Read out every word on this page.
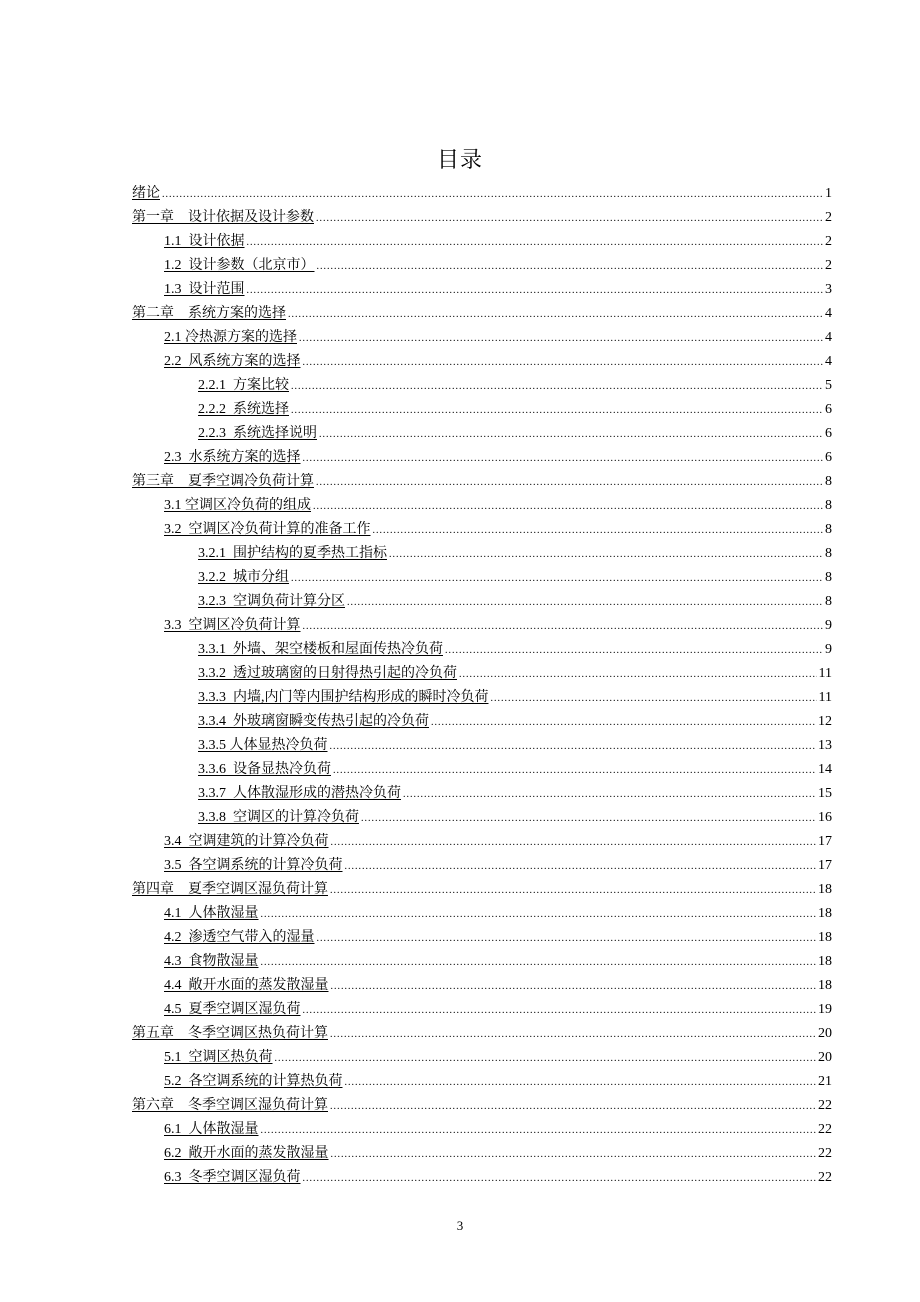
目录
绪论 .....	1
第一章　设计依据及设计参数 .....	2
1.1  设计依据 .....	2
1.2  设计参数（北京市） .....	2
1.3  设计范围 .....	3
第二章　系统方案的选择 .....	4
2.1 冷热源方案的选择 .....	4
2.2  风系统方案的选择 .....	4
2.2.1  方案比较 .....	5
2.2.2  系统选择 .....	6
2.2.3  系统选择说明 .....	6
2.3  水系统方案的选择 .....	6
第三章　夏季空调冷负荷计算 .....	8
3.1 空调区冷负荷的组成 .....	8
3.2  空调区冷负荷计算的准备工作 .....	8
3.2.1  围护结构的夏季热工指标 .....	8
3.2.2  城市分组 .....	8
3.2.3  空调负荷计算分区 .....	8
3.3  空调区冷负荷计算 .....	9
3.3.1  外墙、架空楼板和屋面传热冷负荷 .....	9
3.3.2  透过玻璃窗的日射得热引起的冷负荷 .....	11
3.3.3  内墙,内门等内围护结构形成的瞬时冷负荷 .....	11
3.3.4  外玻璃窗瞬变传热引起的冷负荷 .....	12
3.3.5 人体显热冷负荷 .....	13
3.3.6  设备显热冷负荷 .....	14
3.3.7  人体散湿形成的潜热冷负荷 .....	15
3.3.8  空调区的计算冷负荷 .....	16
3.4  空调建筑的计算冷负荷 .....	17
3.5  各空调系统的计算冷负荷 .....	17
第四章　夏季空调区湿负荷计算 .....	18
4.1  人体散湿量 .....	18
4.2  渗透空气带入的湿量 .....	18
4.3  食物散湿量 .....	18
4.4  敞开水面的蒸发散湿量 .....	18
4.5  夏季空调区湿负荷 .....	19
第五章　冬季空调区热负荷计算 .....	20
5.1  空调区热负荷 .....	20
5.2  各空调系统的计算热负荷 .....	21
第六章　冬季空调区湿负荷计算 .....	22
6.1  人体散湿量 .....	22
6.2  敞开水面的蒸发散湿量 .....	22
6.3  冬季空调区湿负荷 .....	22
3
